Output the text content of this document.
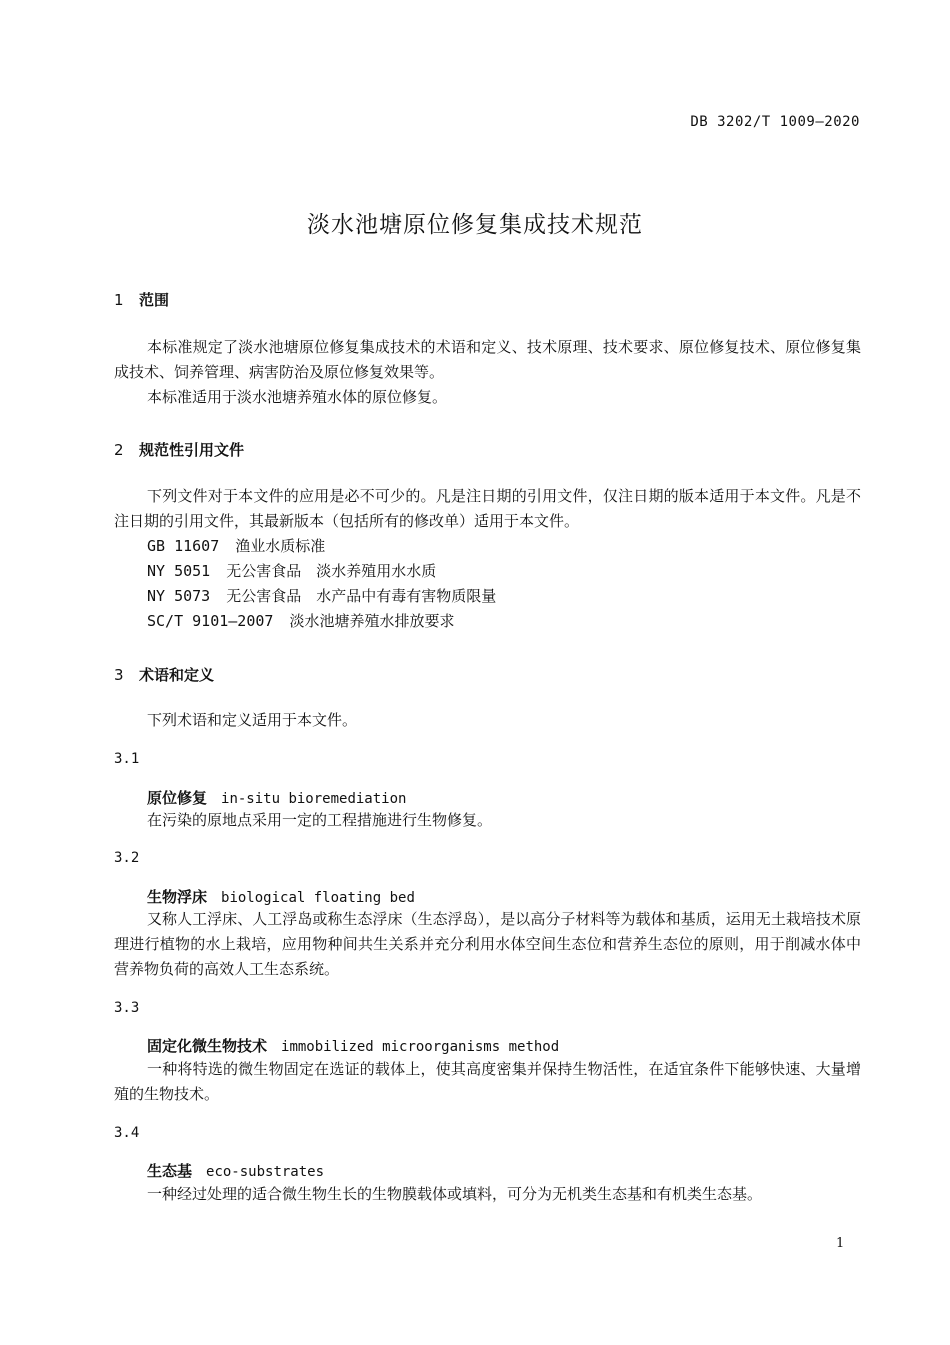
DB 3202/T 1009—2020
淡水池塘原位修复集成技术规范
1 范围
本标准规定了淡水池塘原位修复集成技术的术语和定义、技术原理、技术要求、原位修复技术、原位修复集成技术、饲养管理、病害防治及原位修复效果等。
本标准适用于淡水池塘养殖水体的原位修复。
2 规范性引用文件
下列文件对于本文件的应用是必不可少的。凡是注日期的引用文件，仅注日期的版本适用于本文件。凡是不注日期的引用文件，其最新版本（包括所有的修改单）适用于本文件。
GB 11607 渔业水质标准
NY 5051 无公害食品　淡水养殖用水水质
NY 5073 无公害食品　水产品中有毒有害物质限量
SC/T 9101—2007 淡水池塘养殖水排放要求
3 术语和定义
下列术语和定义适用于本文件。
3.1
原位修复 in-situ bioremediation
在污染的原地点采用一定的工程措施进行生物修复。
3.2
生物浮床 biological floating bed
又称人工浮床、人工浮岛或称生态浮床（生态浮岛），是以高分子材料等为载体和基质，运用无土栽培技术原理进行植物的水上栽培，应用物种间共生关系并充分利用水体空间生态位和营养生态位的原则，用于削减水体中营养物负荷的高效人工生态系统。
3.3
固定化微生物技术 immobilized microorganisms method
一种将特选的微生物固定在选证的载体上，使其高度密集并保持生物活性，在适宜条件下能够快速、大量增殖的生物技术。
3.4
生态基 eco-substrates
一种经过处理的适合微生物生长的生物膜载体或填料，可分为无机类生态基和有机类生态基。
1
